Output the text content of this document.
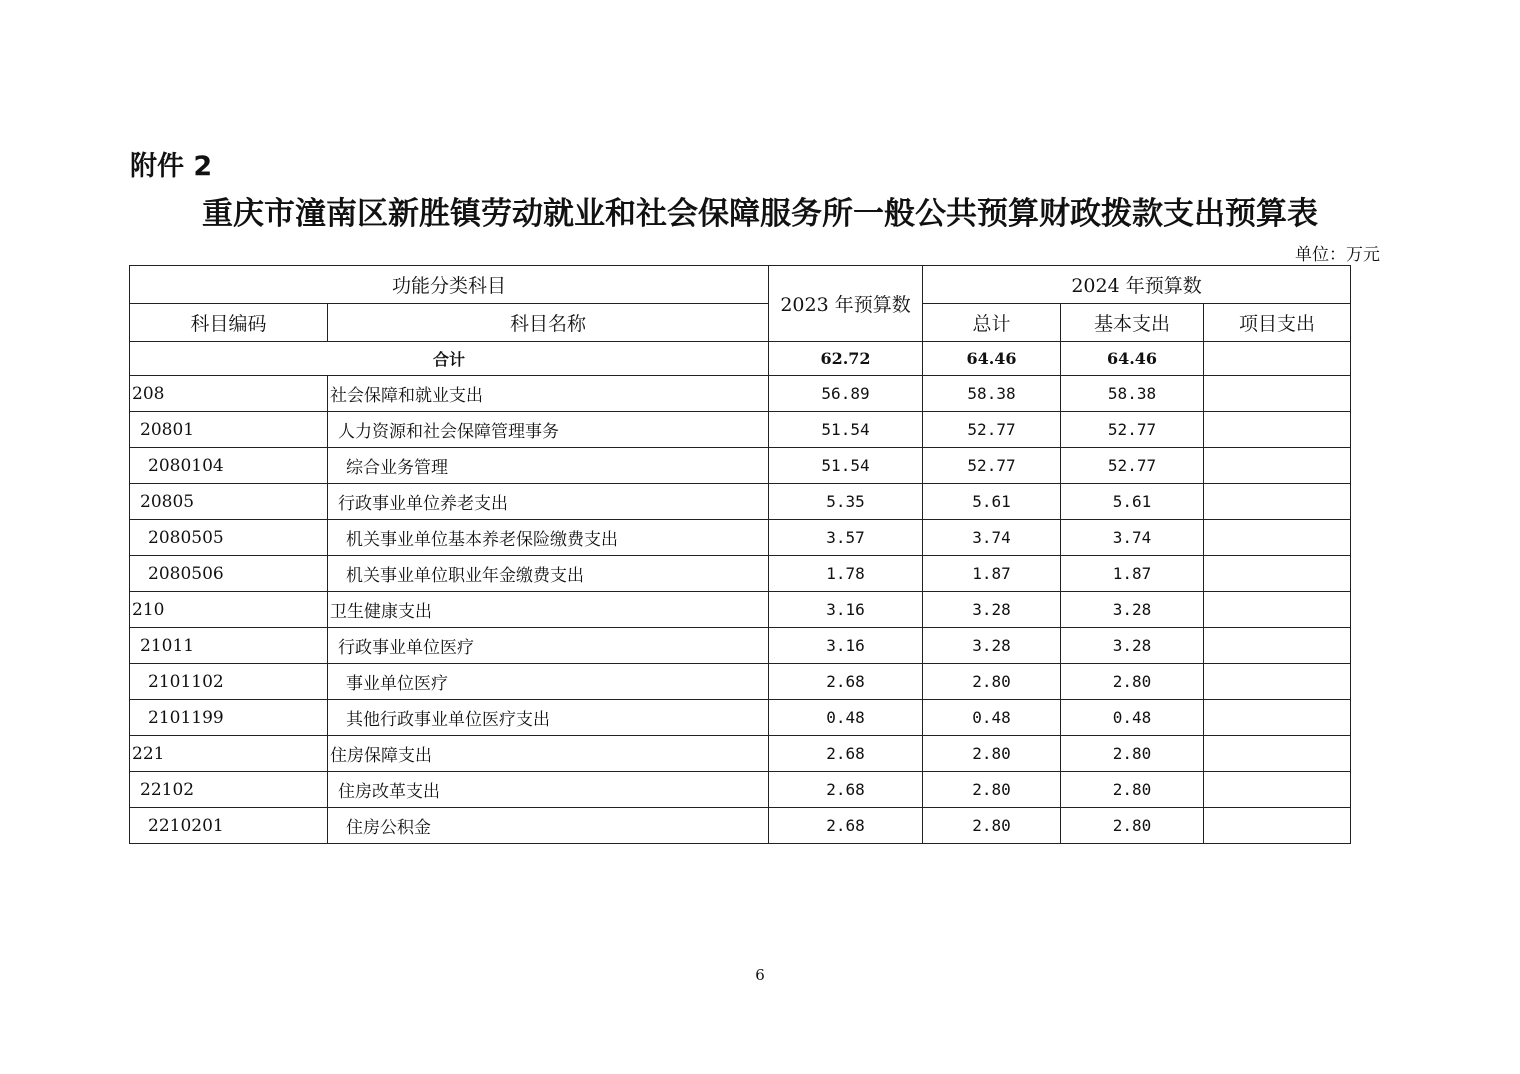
附件 2
重庆市潼南区新胜镇劳动就业和社会保障服务所一般公共预算财政拨款支出预算表
单位：万元
功能分类科目		2023 年预算数	2024 年预算数		
科目编码	科目名称		总计	基本支出	项目支出
合计		62.72	64.46	64.46	
208	社会保障和就业支出	56.89	58.38	58.38	
20801	人力资源和社会保障管理事务	51.54	52.77	52.77	
2080104	综合业务管理	51.54	52.77	52.77	
20805	行政事业单位养老支出	5.35	5.61	5.61	
2080505	机关事业单位基本养老保险缴费支出	3.57	3.74	3.74	
2080506	机关事业单位职业年金缴费支出	1.78	1.87	1.87	
210	卫生健康支出	3.16	3.28	3.28	
21011	行政事业单位医疗	3.16	3.28	3.28	
2101102	事业单位医疗	2.68	2.80	2.80	
2101199	其他行政事业单位医疗支出	0.48	0.48	0.48	
221	住房保障支出	2.68	2.80	2.80	
22102	住房改革支出	2.68	2.80	2.80	
2210201	住房公积金	2.68	2.80	2.80	
6
